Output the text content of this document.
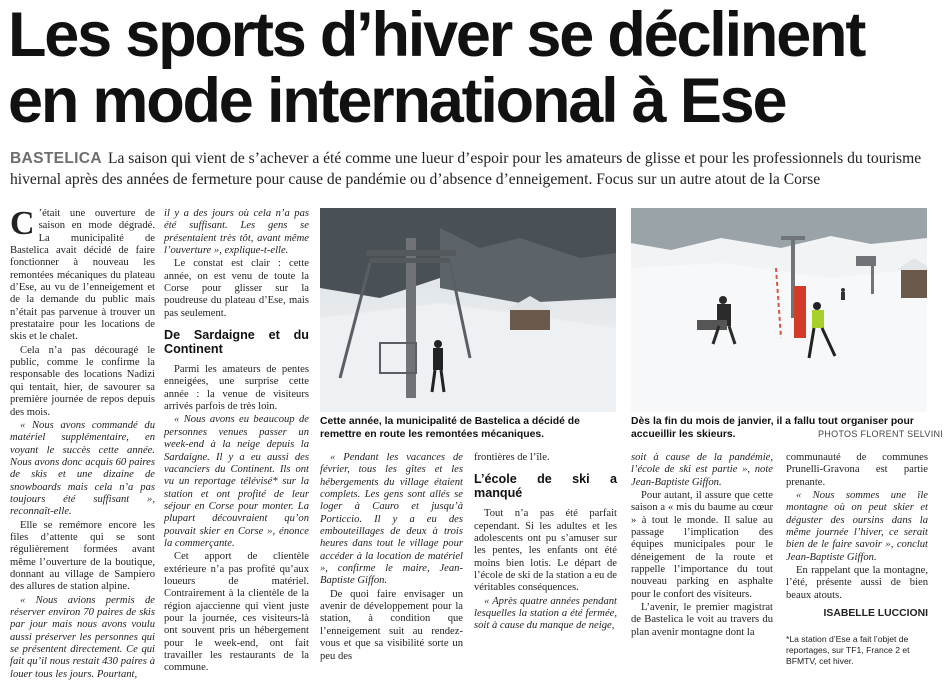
Les sports d’hiver se déclinent
en mode international à Ese

BASTELICA La saison qui vient de s’achever a été comme une lueur d’espoir pour les amateurs de glisse et pour les professionnels du tourisme hivernal après des années de fermeture pour cause de pandémie ou d’absence d’enneigement. Focus sur un autre atout de la Corse

C ’était une ouverture de saison en mode dégradé. La municipalité de Bastelica avait décidé de faire fonctionner à nouveau les remontées mécaniques du plateau d’Ese, au vu de l’enneigement et de la demande du public mais n’était pas parvenue à trouver un prestataire pour les locations de skis et le chalet.

Cela n’a pas découragé le public, comme le confirme la responsable des locations Nadizi qui tentait, hier, de savourer sa première journée de repos depuis des mois.

« Nous avons commandé du matériel supplémentaire, en voyant le succès cette année. Nous avons donc acquis 60 paires de skis et une dizaine de snowboards mais cela n’a pas toujours été suffisant », reconnaît-elle.

Elle se remémore encore les files d’attente qui se sont régulièrement formées avant même l’ouverture de la boutique, donnant au village de Sampiero des allures de station alpine.

« Nous avions permis de réserver environ 70 paires de skis par jour mais nous avons voulu aussi préserver les personnes qui se présentent directement. Ce qui fait qu’il nous restait 430 paires à louer tous les jours. Pourtant,

il y a des jours où cela n’a pas été suffisant. Les gens se présentaient très tôt, avant même l’ouverture », explique-t-elle.

Le constat est clair : cette année, on est venu de toute la Corse pour glisser sur la poudreuse du plateau d’Ese, mais pas seulement.

De Sardaigne et du Continent

Parmi les amateurs de pentes enneigées, une surprise cette année : la venue de visiteurs arrivés parfois de très loin.

« Nous avons eu beaucoup de personnes venues passer un week-end à la neige depuis la Sardaigne. Il y a eu aussi des vacanciers du Continent. Ils ont vu un reportage télévisé* sur la station et ont profité de leur séjour en Corse pour monter. La plupart découvraient qu’on pouvait skier en Corse », énonce la commerçante.

Cet apport de clientèle extérieure n’a pas profité qu’aux loueurs de matériel. Contrairement à la clientèle de la région ajaccienne qui vient juste pour la journée, ces visiteurs-là ont souvent pris un hébergement pour le week-end, ont fait travailler les restaurants de la commune.

Cette année, la municipalité de Bastelica a décidé de remettre en route les remontées mécaniques.

Dès la fin du mois de janvier, il a fallu tout organiser pour accueillir les skieurs.	PHOTOS FLORENT SELVINI

« Pendant les vacances de février, tous les gîtes et les hébergements du village étaient complets. Les gens sont allés se loger à Cauro et jusqu’à Porticcio. Il y a eu des embouteillages de deux à trois heures dans tout le village pour accéder à la location de matériel », confirme le maire, Jean-Baptiste Giffon.

De quoi faire envisager un avenir de développement pour la station, à condition que l’enneigement suit au rendez-vous et que sa visibilité sorte un peu des

frontières de l’île.

L’école de ski a manqué

Tout n’a pas été parfait cependant. Si les adultes et les adolescents ont pu s’amuser sur les pentes, les enfants ont été moins bien lotis. Le départ de l’école de ski de la station a eu de véritables conséquences.

« Après quatre années pendant lesquelles la station a été fermée, soit à cause du manque de neige,

soit à cause de la pandémie, l’école de ski est partie », note Jean-Baptiste Giffon.

Pour autant, il assure que cette saison a « mis du baume au cœur » à tout le monde. Il salue au passage l’implication des équipes municipales pour le déneigement de la route et rappelle l’importance du tout nouveau parking en asphalte pour le confort des visiteurs.

L’avenir, le premier magistrat de Bastelica le voit au travers du plan avenir montagne dont la

communauté de communes Prunelli-Gravona est partie prenante.

« Nous sommes une île montagne où on peut skier et déguster des oursins dans la même journée l’hiver, ce serait bien de le faire savoir », conclut Jean-Baptiste Giffon.

En rappelant que la montagne, l’été, présente aussi de bien beaux atouts.

ISABELLE LUCCIONI
*La station d’Ese a fait l’objet de reportages, sur TF1, France 2 et BFMTV, cet hiver.
